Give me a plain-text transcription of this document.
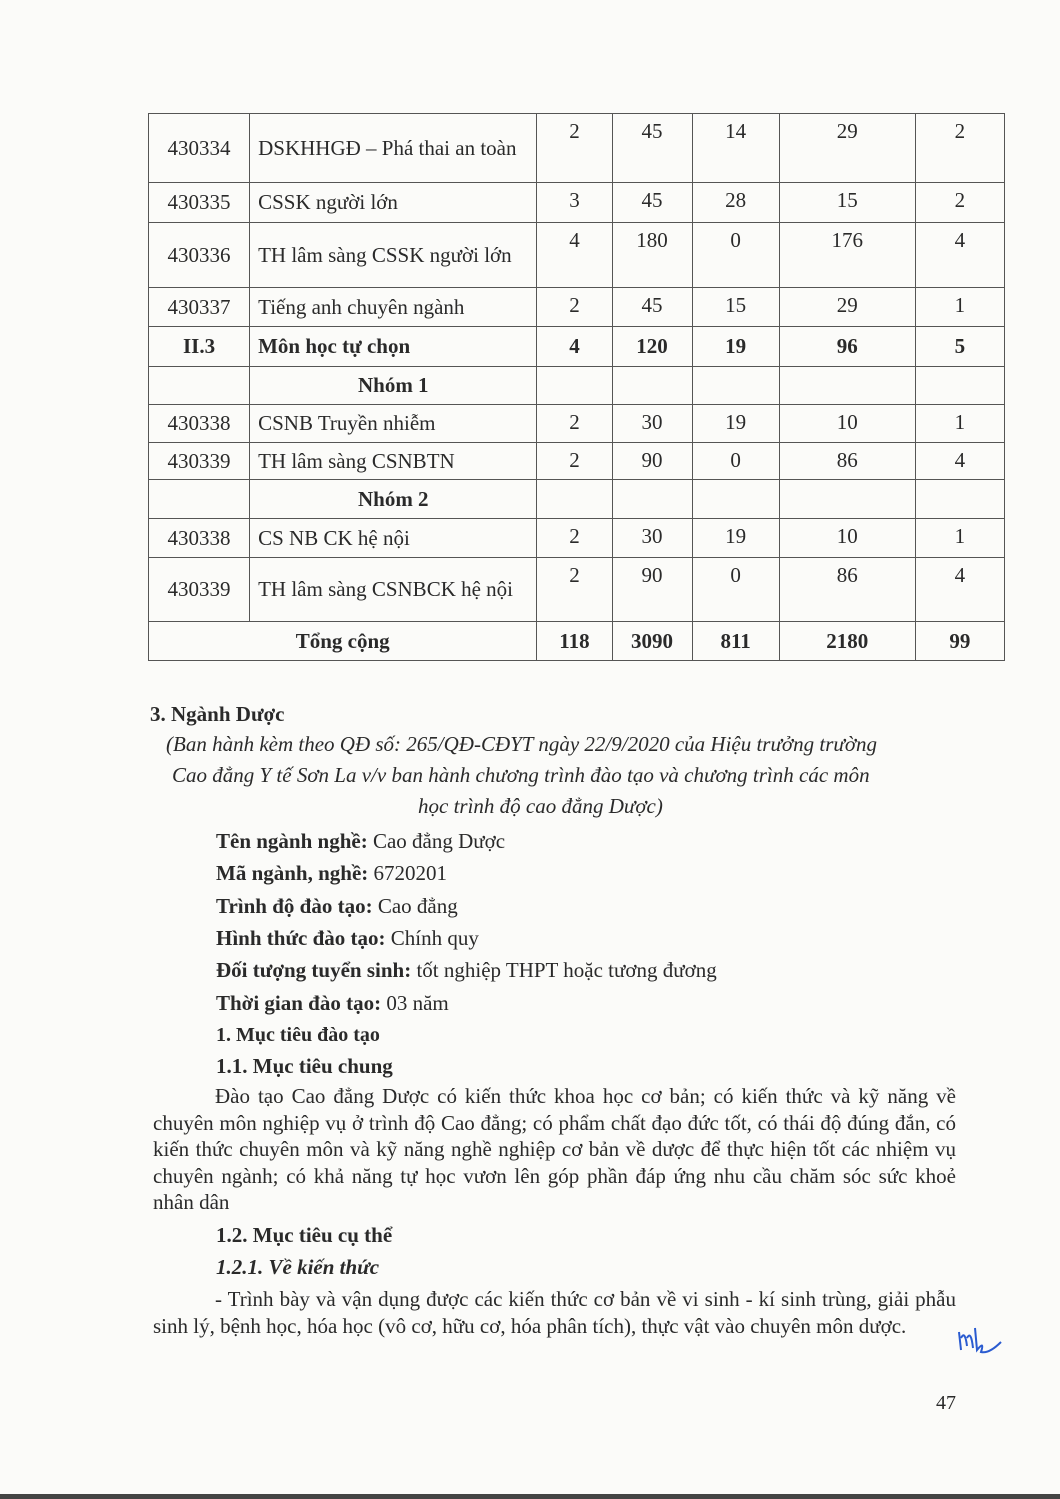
430334	DSKHHGĐ – Phá thai an toàn	2	45	14	29	2
430335	CSSK người lớn	3	45	28	15	2
430336	TH lâm sàng CSSK người lớn	4	180	0	176	4
430337	Tiếng anh chuyên ngành	2	45	15	29	1
II.3	Môn học tự chọn	4	120	19	96	5
	Nhóm 1					
430338	CSNB Truyền nhiễm	2	30	19	10	1
430339	TH lâm sàng CSNBTN	2	90	0	86	4
	Nhóm 2					
430338	CS NB CK hệ nội	2	30	19	10	1
430339	TH lâm sàng CSNBCK hệ nội	2	90	0	86	4
Tổng cộng		118	3090	811	2180	99
3. Ngành Dược
(Ban hành kèm theo QĐ số: 265/QĐ-CĐYT ngày 22/9/2020 của Hiệu trưởng trường
Cao đẳng Y tế Sơn La v/v ban hành chương trình đào tạo và chương trình các môn
học trình độ cao đẳng Dược)
Tên ngành nghề: Cao đẳng Dược
Mã ngành, nghề: 6720201
Trình độ đào tạo: Cao đẳng
Hình thức đào tạo: Chính quy
Đối tượng tuyển sinh: tốt nghiệp THPT hoặc tương đương
Thời gian đào tạo: 03 năm
1. Mục tiêu đào tạo
1.1. Mục tiêu chung
Đào tạo Cao đẳng Dược có kiến thức khoa học cơ bản; có kiến thức và kỹ năng về chuyên môn nghiệp vụ ở trình độ Cao đẳng; có phẩm chất đạo đức tốt, có thái độ đúng đắn, có kiến thức chuyên môn và kỹ năng nghề nghiệp cơ bản về dược để thực hiện tốt các nhiệm vụ chuyên ngành; có khả năng tự học vươn lên góp phần đáp ứng nhu cầu chăm sóc sức khoẻ nhân dân
1.2. Mục tiêu cụ thể
1.2.1. Về kiến thức
- Trình bày và vận dụng được các kiến thức cơ bản về vi sinh - kí sinh trùng, giải phẫu sinh lý, bệnh học, hóa học (vô cơ, hữu cơ, hóa phân tích), thực vật vào chuyên môn dược.
47
